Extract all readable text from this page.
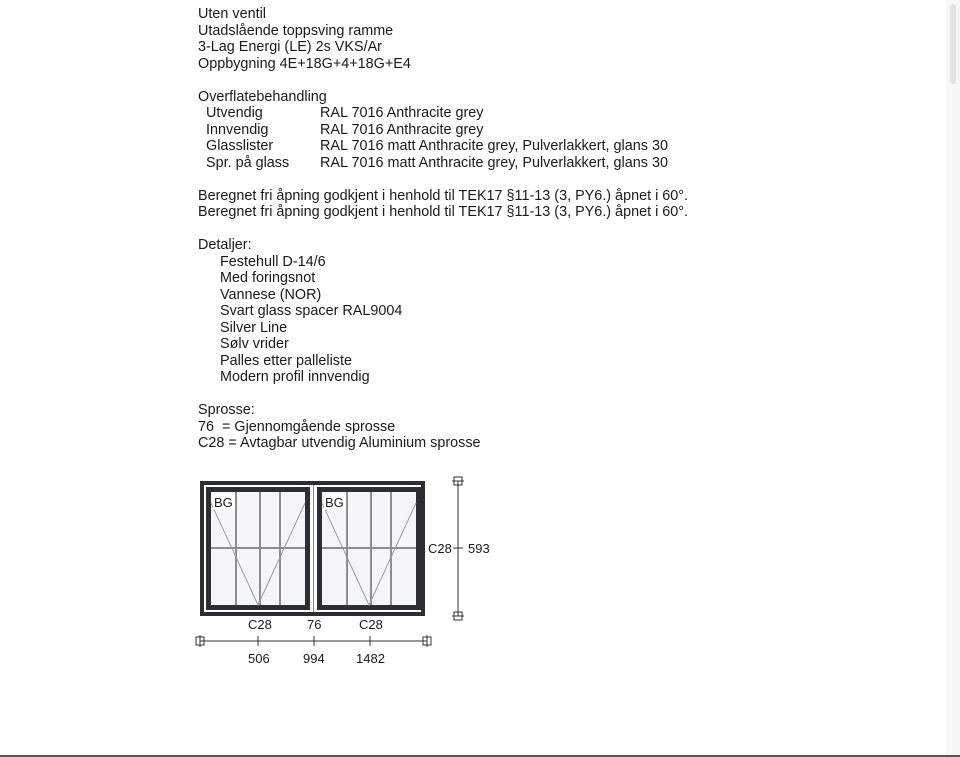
Uten ventil
Utadslående toppsving ramme
3-Lag Energi (LE) 2s VKS/Ar
Oppbygning 4E+18G+4+18G+E4
Overflatebehandling
Utvendig	RAL 7016 Anthracite grey
Innvendig	RAL 7016 Anthracite grey
Glasslister	RAL 7016 matt Anthracite grey, Pulverlakkert, glans 30
Spr. på glass	RAL 7016 matt Anthracite grey, Pulverlakkert, glans 30
Beregnet fri åpning godkjent i henhold til TEK17 §11-13 (3, PY6.) åpnet i 60°.
Beregnet fri åpning godkjent i henhold til TEK17 §11-13 (3, PY6.) åpnet i 60°.
Detaljer:
Festehull D-14/6
Med foringsnot
Vannese (NOR)
Svart glass spacer RAL9004
Silver Line
Sølv vrider
Palles etter palleliste
Modern profil innvendig
Sprosse:
76  = Gjennomgående sprosse
C28 = Avtagbar utvendig Aluminium sprosse
BG	BG
C28 593
C28	76	C28
506	994 1482
